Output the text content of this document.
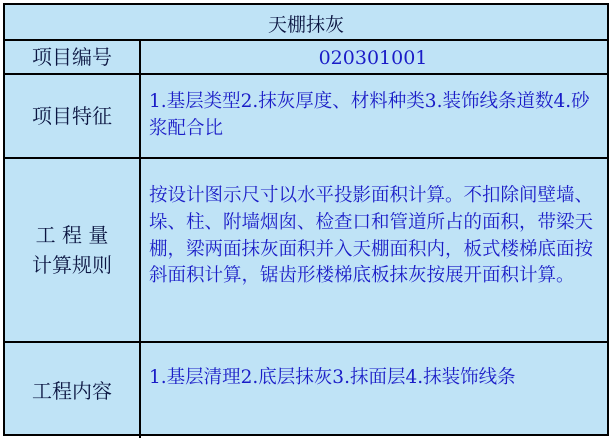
天棚抹灰
项目编号	020301001
项目特征
1.基层类型2.抹灰厚度、材料种类3.装饰线条道数4.砂浆配合比
工 程 量
计算规则
按设计图示尺寸以水平投影面积计算。不扣除间壁墙、垛、柱、附墙烟囱、检查口和管道所占的面积，带梁天棚，梁两面抹灰面积并入天棚面积内，板式楼梯底面按斜面积计算，锯齿形楼梯底板抹灰按展开面积计算。
工程内容
1.基层清理2.底层抹灰3.抹面层4.抹装饰线条
